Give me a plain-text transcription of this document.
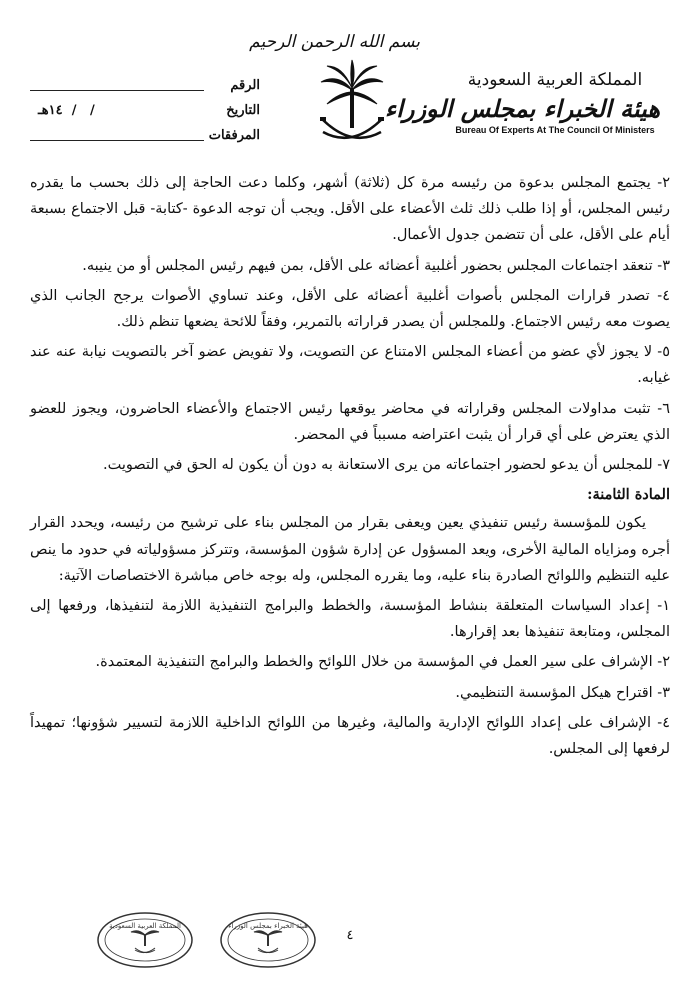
بسم الله الرحمن الرحيم
المملكة العربية السعودية
هيئة الخبراء بمجلس الوزراء
Bureau Of Experts At The Council Of Ministers
الرقم
التاريخ
/   /  ١٤هـ
المرفقات

٢- يجتمع المجلس بدعوة من رئيسه مرة كل (ثلاثة) أشهر، وكلما دعت الحاجة إلى ذلك بحسب ما يقدره رئيس المجلس، أو إذا طلب ذلك ثلث الأعضاء على الأقل. ويجب أن توجه الدعوة -كتابة- قبل الاجتماع بسبعة أيام على الأقل، على أن تتضمن جدول الأعمال.

٣- تنعقد اجتماعات المجلس بحضور أغلبية أعضائه على الأقل، بمن فيهم رئيس المجلس أو من ينيبه.

٤- تصدر قرارات المجلس بأصوات أغلبية أعضائه على الأقل، وعند تساوي الأصوات يرجح الجانب الذي يصوت معه رئيس الاجتماع. وللمجلس أن يصدر قراراته بالتمرير، وفقاً للائحة يضعها تنظم ذلك.

٥- لا يجوز لأي عضو من أعضاء المجلس الامتناع عن التصويت، ولا تفويض عضو آخر بالتصويت نيابة عنه عند غيابه.

٦- تثبت مداولات المجلس وقراراته في محاضر يوقعها رئيس الاجتماع والأعضاء الحاضرون، ويجوز للعضو الذي يعترض على أي قرار أن يثبت اعتراضه مسبباً في المحضر.

٧- للمجلس أن يدعو لحضور اجتماعاته من يرى الاستعانة به دون أن يكون له الحق في التصويت.

المادة الثامنة:

يكون للمؤسسة رئيس تنفيذي يعين ويعفى بقرار من المجلس بناء على ترشيح من رئيسه، ويحدد القرار أجره ومزاياه المالية الأخرى، ويعد المسؤول عن إدارة شؤون المؤسسة، وتتركز مسؤولياته في حدود ما ينص عليه التنظيم واللوائح الصادرة بناء عليه، وما يقرره المجلس، وله بوجه خاص مباشرة الاختصاصات الآتية:

١- إعداد السياسات المتعلقة بنشاط المؤسسة، والخطط والبرامج التنفيذية اللازمة لتنفيذها، ورفعها إلى المجلس، ومتابعة تنفيذها بعد إقرارها.

٢- الإشراف على سير العمل في المؤسسة من خلال اللوائح والخطط والبرامج التنفيذية المعتمدة.

٣- اقتراح هيكل المؤسسة التنظيمي.

٤- الإشراف على إعداد اللوائح الإدارية والمالية، وغيرها من اللوائح الداخلية اللازمة لتسيير شؤونها؛ تمهيداً لرفعها إلى المجلس.

٤
المملكة العربية السعودية	هيئة الخبراء بمجلس الوزراء
